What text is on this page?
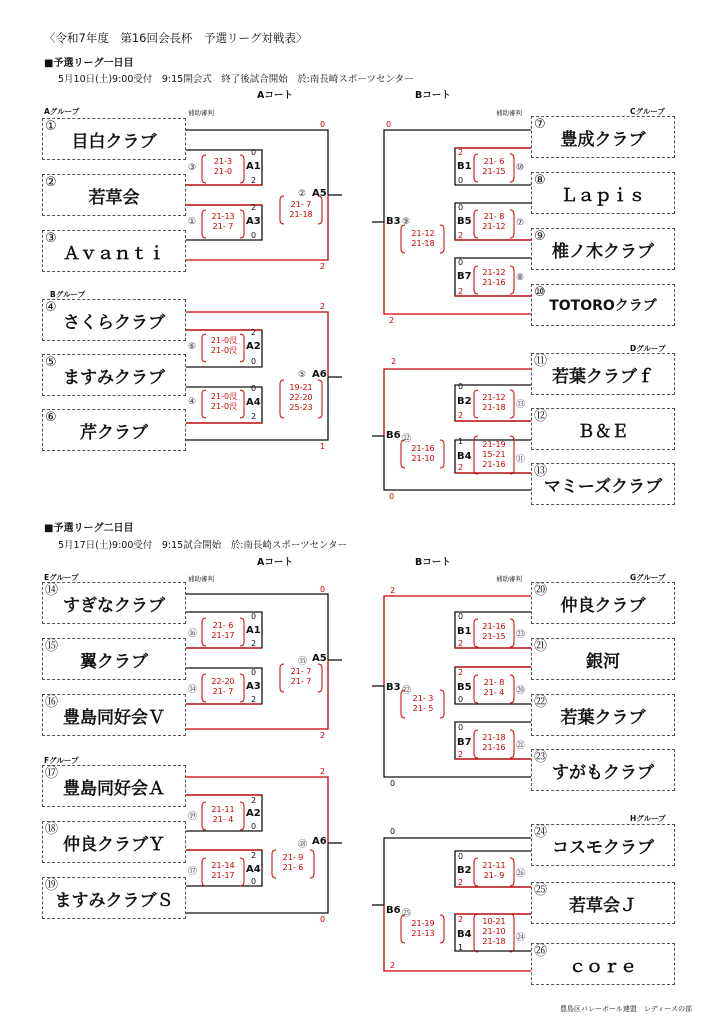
〈令和7年度　第16回会長杯　予選リーグ対戦表〉
■予選リーグ一日目
5月10日(土)9:00受付　9:15開会式　終了後試合開始　於:南長崎スポーツセンター
Aコート	Bコート
補助審判	補助審判
Aグループ
Bグループ
Cグループ
Dグループ
①
目白クラブ
②
若草会
③
Ａｖａｎｔｉ
④
さくらクラブ
⑤
ますみクラブ
⑥
芹クラブ
⑦
豊成クラブ
⑧
Ｌａｐｉｓ
⑨
椎ノ木クラブ
⑩
TOTOROクラブ
⑪
若葉クラブｆ
⑫
Ｂ＆Ｅ
⑬
マミーズクラブ
③
21-3
21-0	A1
0
2
①
21-13
21- 7	A3
2
0
② A5
21- 7
21-18
0
2
⑥
21-0没
21-0没 A2
2
0
④
21-0没
21-0没 A4
0
2
⑤ A6
19-21
22-20
25-23
2
1
B1	21- 6
21-15	⑩
2
0
B5	21- 8
21-12	⑦
0
2
B7	21-12
21-16	⑧
0
2
B3 ⑨
21-12
21-18
0
2
B2	21-12
21-18	⑬
0
2
B4
21-19
15-21
21-16	⑪
1
2
B6 ⑫
21-16
21-10
2
0
■予選リーグ二日目
5月17日(土)9:00受付　9:15試合開始　於:南長崎スポーツセンター
Aコート	Bコート
補助審判	補助審判
Eグループ
Fグループ
Gグループ
Hグループ
⑭
すぎなクラブ
⑮
翼クラブ
⑯
豊島同好会Ｖ
⑰
豊島同好会Ａ
⑱
仲良クラブＹ
⑲
ますみクラブＳ
⑳
仲良クラブ
㉑
銀河
㉒
若葉クラブ
㉓
すがもクラブ
㉔
コスモクラブ
㉕
若草会Ｊ
㉖
ｃｏｒｅ
⑯
21- 6
21-17	A1
0
2
⑭
22-20
21- 7	A3
0
2
⑮ A5
21- 7
21- 7
0
2
⑲
21-11
21- 4
A2
2
0
⑰
21-14
21-17
A4
2
0
⑱ A6
21- 9
21- 6
2
0
B1	21-16
21-15	㉓
0
2
B5	21- 8
21- 4	⑳
2
0
B7	21-18
21-16	㉑
0
2
B3 ㉒
21- 3
21- 5
2
0
B2	21-11
21- 9	㉖
0
2
B4
10-21
21-10
21-18	㉔
2
1
B6 ㉕
21-19
21-13
0
2
豊島区バレーボール連盟　レディースの部
